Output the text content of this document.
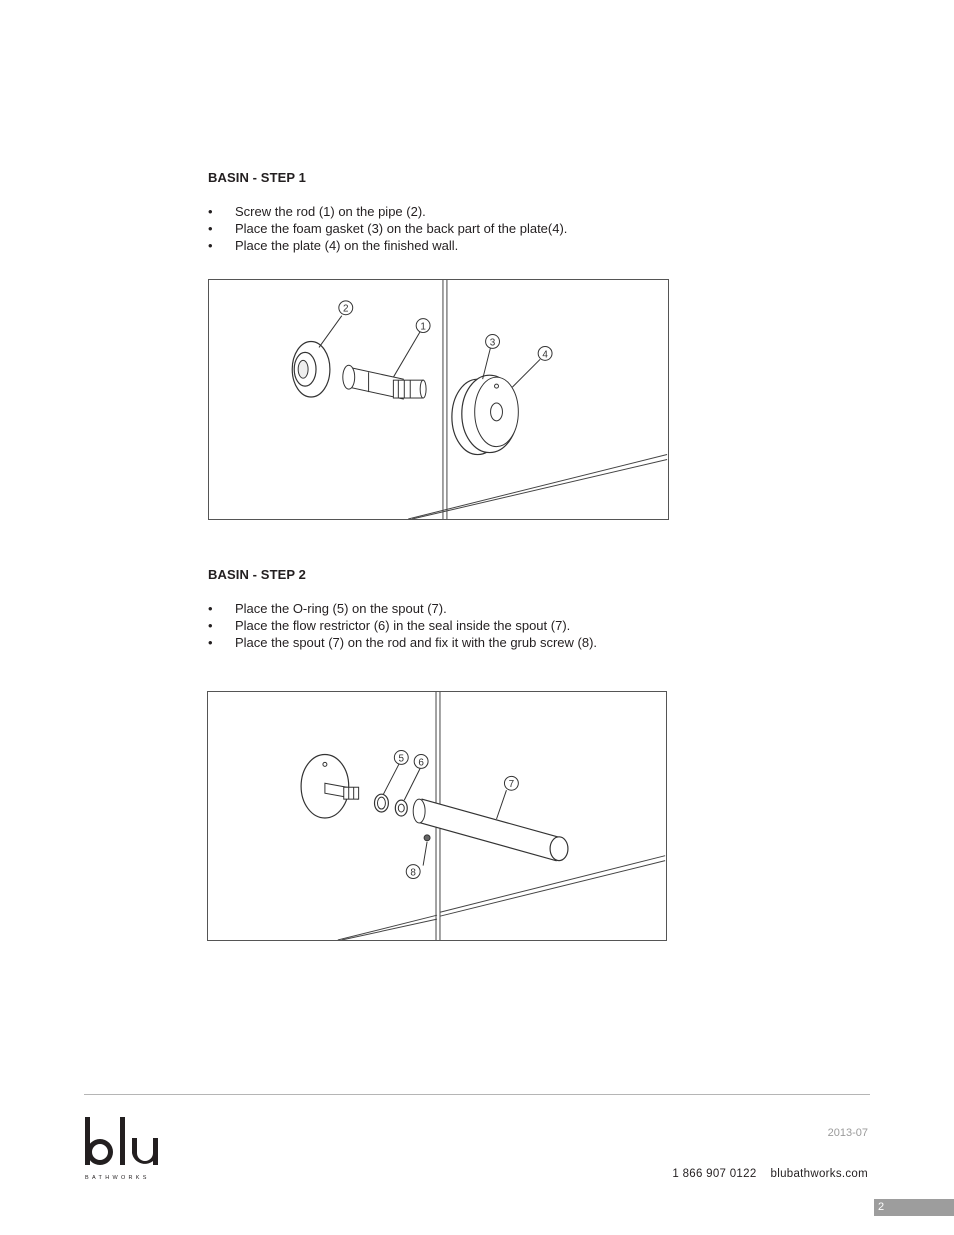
BASIN - STEP 1
• Screw the rod (1) on the pipe (2).
• Place the foam gasket (3) on the back part of the plate(4).
• Place the plate (4) on the finished wall.
2
1
3
4
BASIN - STEP 2
• Place the O-ring (5) on the spout (7).
• Place the flow restrictor (6) in the seal inside the spout (7).
• Place the spout (7) on the rod and fix it with the grub screw (8).
5 6
7
8
BATHWORKS
2013-07
1 866 907 0122 blubathworks.com
2
